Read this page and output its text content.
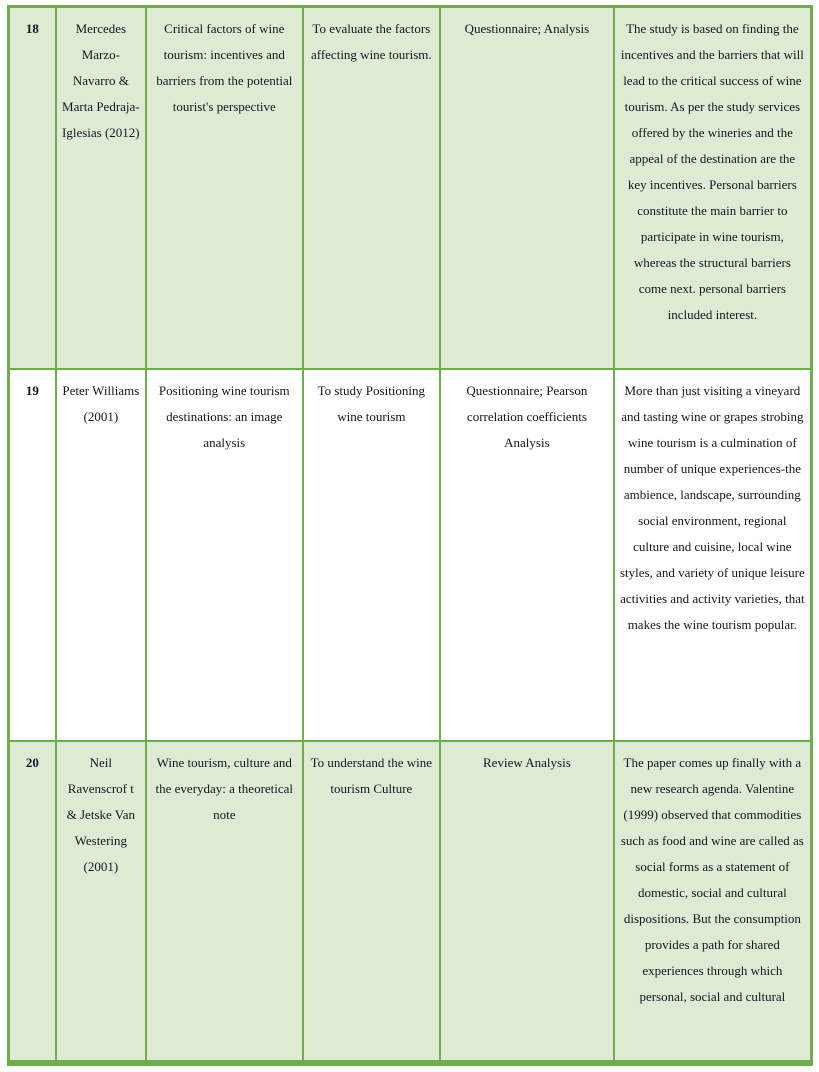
18	Mercedes Marzo-Navarro & Marta Pedraja-Iglesias (2012)	Critical factors of wine tourism: incentives and barriers from the potential tourist's perspective	To evaluate the factors affecting wine tourism.	Questionnaire; Analysis	The study is based on finding the incentives and the barriers that will lead to the critical success of wine tourism. As per the study services offered by the wineries and the appeal of the destination are the key incentives. Personal barriers constitute the main barrier to participate in wine tourism, whereas the structural barriers come next. personal barriers included interest.

19	Peter Williams (2001)	Positioning wine tourism destinations: an image analysis	To study Positioning wine tourism	Questionnaire; Pearson correlation coefficients Analysis	More than just visiting a vineyard and tasting wine or grapes strobing wine tourism is a culmination of number of unique experiences-the ambience, landscape, surrounding social environment, regional culture and cuisine, local wine styles, and variety of unique leisure activities and activity varieties, that makes the wine tourism popular.

20	Neil Ravenscrof t & Jetske Van Westering (2001)	Wine tourism, culture and the everyday: a theoretical note	To understand the wine tourism Culture	Review Analysis	The paper comes up finally with a new research agenda. Valentine (1999) observed that commodities such as food and wine are called as social forms as a statement of domestic, social and cultural dispositions. But the consumption provides a path for shared experiences through which personal, social and cultural
